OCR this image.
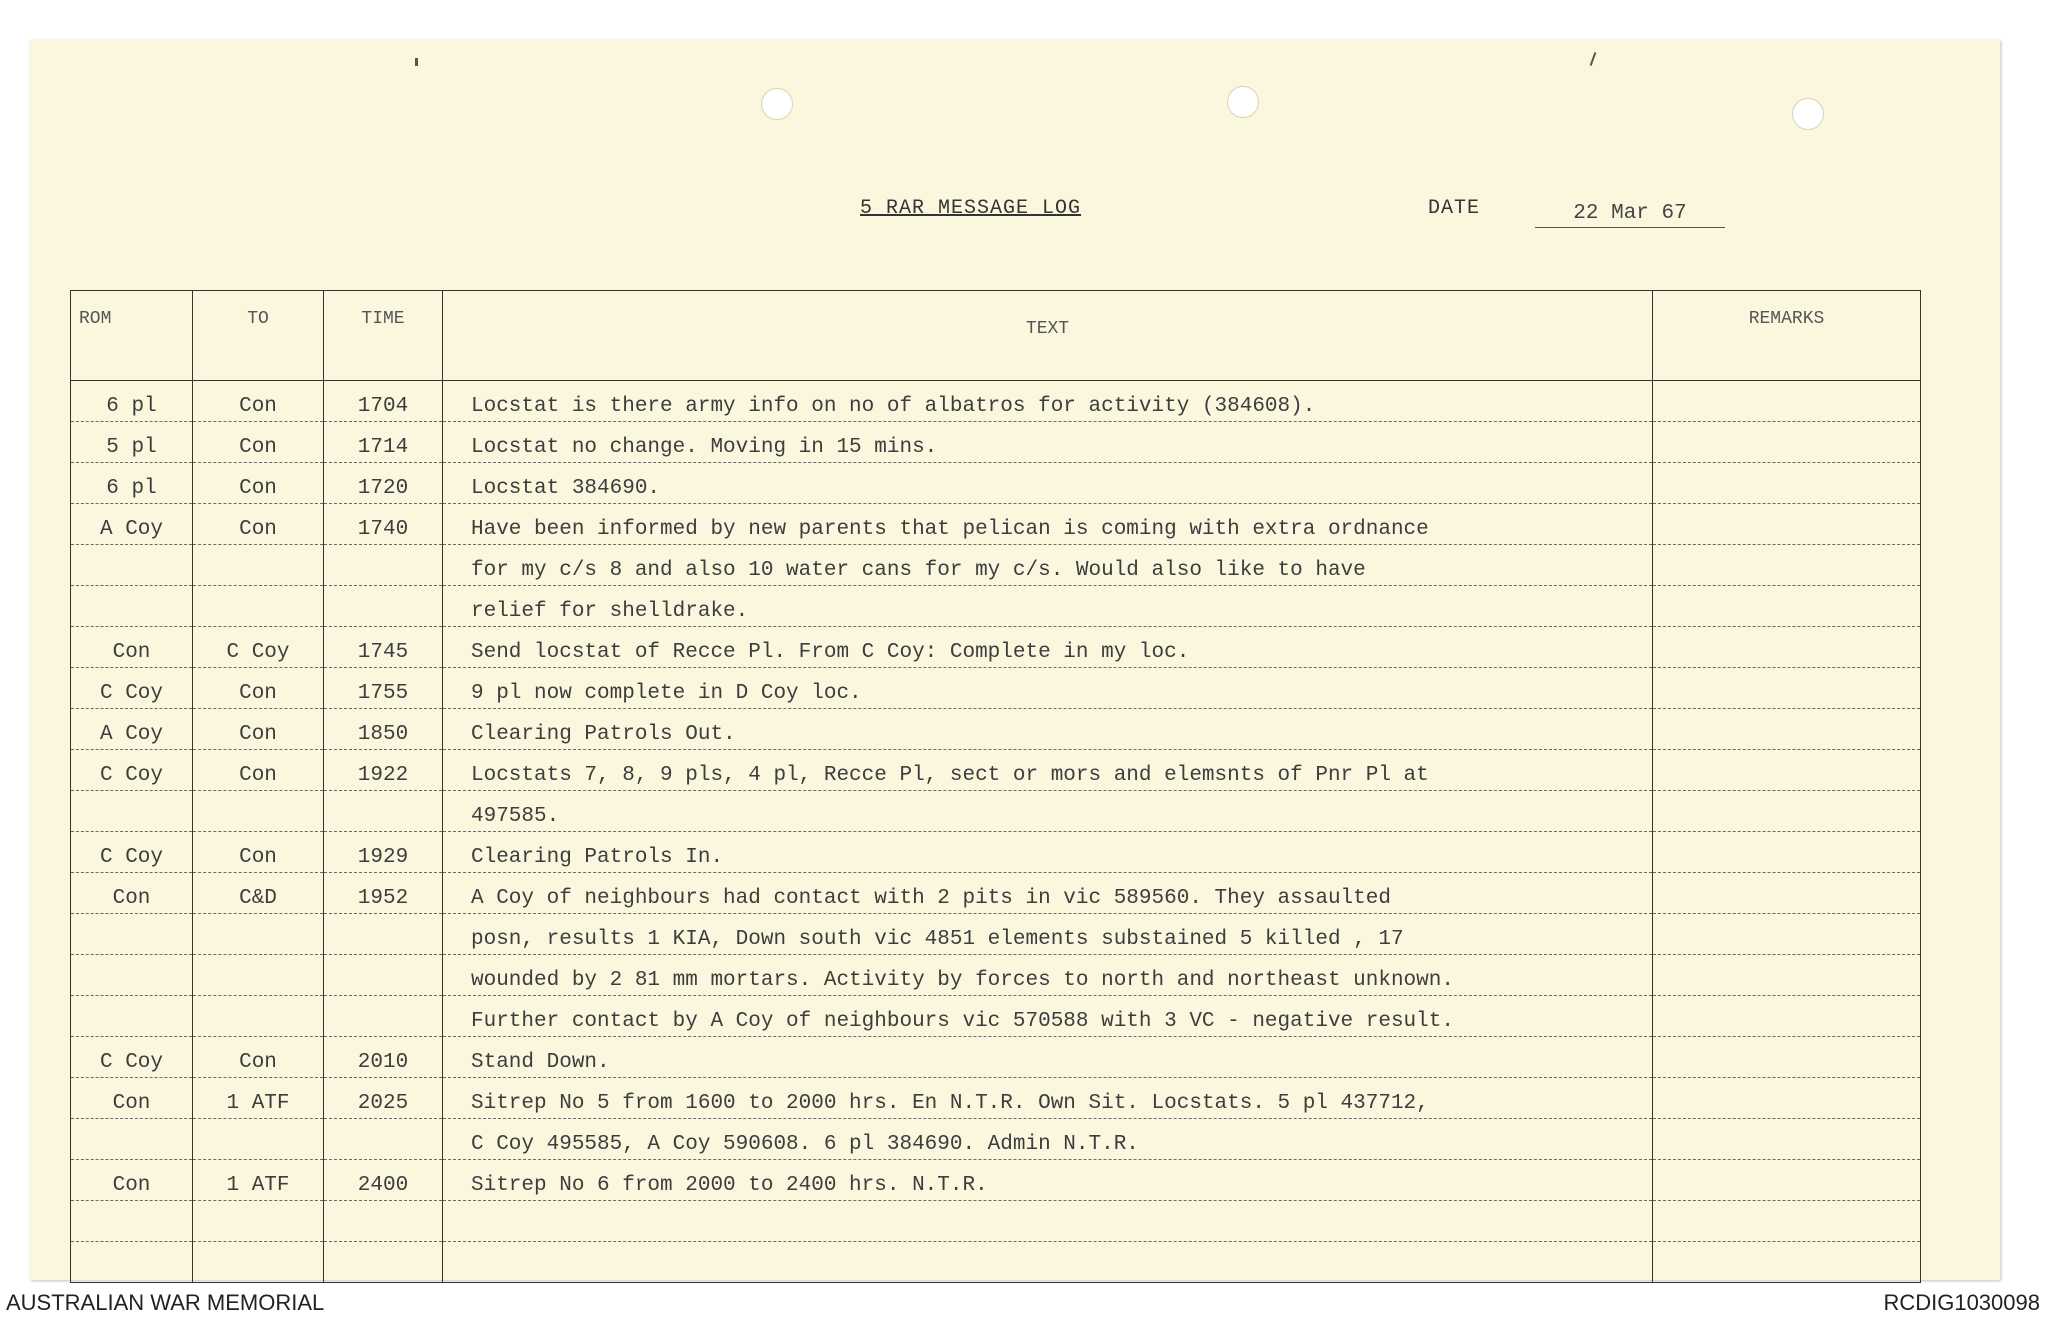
5 RAR MESSAGE LOG	DATE	22 Mar 67
ROM	TO	TIME	TEXT	REMARKS
6 pl	Con	1704	Locstat is there army info on no of albatros for activity (384608).	
5 pl	Con	1714	Locstat no change. Moving in 15 mins.	
6 pl	Con	1720	Locstat 384690.	
A Coy	Con	1740	Have been informed by new parents that pelican is coming with extra ordnance	
			for my c/s 8 and also 10 water cans for my c/s. Would also like to have	
			relief for shelldrake.	
Con	C Coy	1745	Send locstat of Recce Pl. From C Coy: Complete in my loc.	
C Coy	Con	1755	9 pl now complete in D Coy loc.	
A Coy	Con	1850	Clearing Patrols Out.	
C Coy	Con	1922	Locstats 7, 8, 9 pls, 4 pl, Recce Pl, sect or mors and elemsnts of Pnr Pl at	
			497585.	
C Coy	Con	1929	Clearing Patrols In.	
Con	C&D	1952	A Coy of neighbours had contact with 2 pits in vic 589560. They assaulted	
			posn, results 1 KIA, Down south vic 4851 elements substained 5 killed , 17	
			wounded by 2 81 mm mortars. Activity by forces to north and northeast unknown.	
			Further contact by A Coy of neighbours vic 570588 with 3 VC - negative result.	
C Coy	Con	2010	Stand Down.	
Con	1 ATF	2025	Sitrep No 5 from 1600 to 2000 hrs. En N.T.R. Own Sit. Locstats. 5 pl 437712,	
			C Coy 495585, A Coy 590608. 6 pl 384690. Admin N.T.R.	
Con	1 ATF	2400	Sitrep No 6 from 2000 to 2400 hrs. N.T.R.	

AUSTRALIAN WAR MEMORIAL	RCDIG1030098
